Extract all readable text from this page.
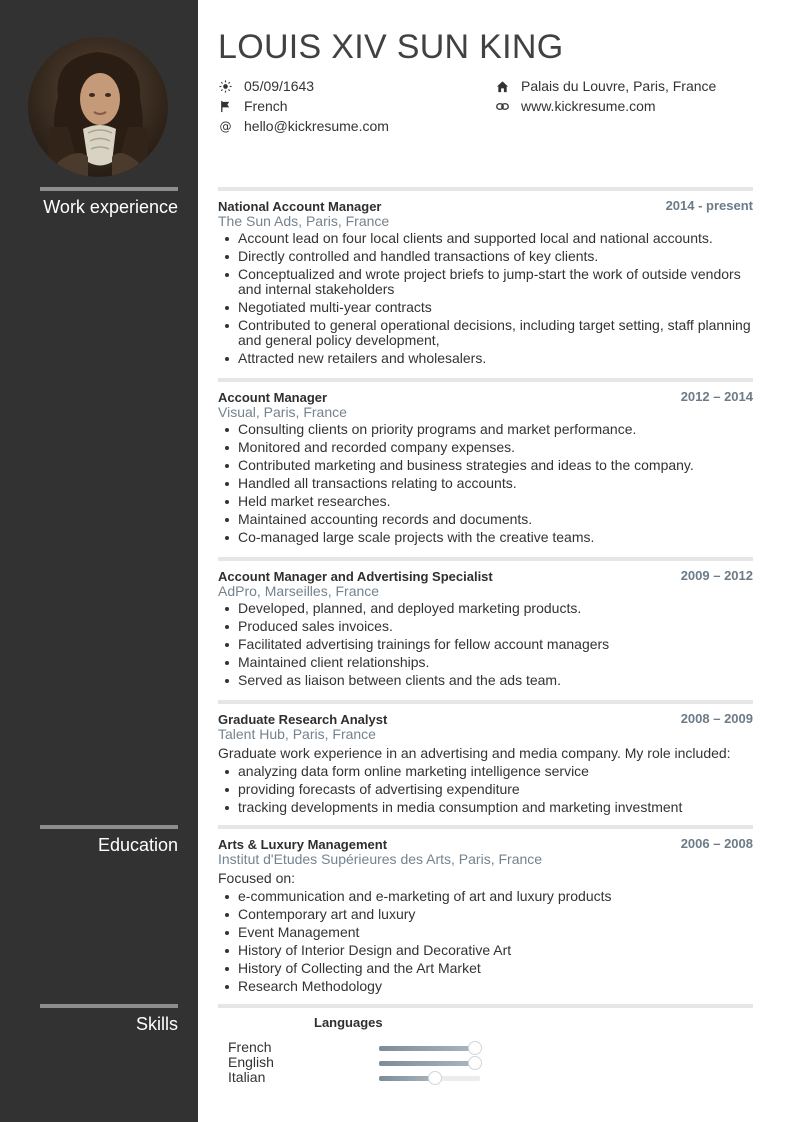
Work experience
Education
Skills
LOUIS XIV SUN KING
05/09/1643
French
@ hello@kickresume.com
Palais du Louvre, Paris, France
www.kickresume.com
National Account Manager	2014 - present
The Sun Ads, Paris, France
Account lead on four local clients and supported local and national accounts.
Directly controlled and handled transactions of key clients.
Conceptualized and wrote project briefs to jump-start the work of outside vendors and internal stakeholders
Negotiated multi-year contracts
Contributed to general operational decisions, including target setting, staff planning and general policy development,
Attracted new retailers and wholesalers.
Account Manager	2012 – 2014
Visual, Paris, France
Consulting clients on priority programs and market performance.
Monitored and recorded company expenses.
Contributed marketing and business strategies and ideas to the company.
Handled all transactions relating to accounts.
Held market researches.
Maintained accounting records and documents.
Co-managed large scale projects with the creative teams.
Account Manager and Advertising Specialist	2009 – 2012
AdPro, Marseilles, France
Developed, planned, and deployed marketing products.
Produced sales invoices.
Facilitated advertising trainings for fellow account managers
Maintained client relationships.
Served as liaison between clients and the ads team.
Graduate Research Analyst	2008 – 2009
Talent Hub, Paris, France
Graduate work experience in an advertising and media company. My role included:
analyzing data form online marketing intelligence service
providing forecasts of advertising expenditure
tracking developments in media consumption and marketing investment
Arts & Luxury Management	2006 – 2008
Institut d'Etudes Supérieures des Arts, Paris, France
Focused on:
e-communication and e-marketing of art and luxury products
Contemporary art and luxury
Event Management
History of Interior Design and Decorative Art
History of Collecting and the Art Market
Research Methodology
Languages
French
English
Italian
